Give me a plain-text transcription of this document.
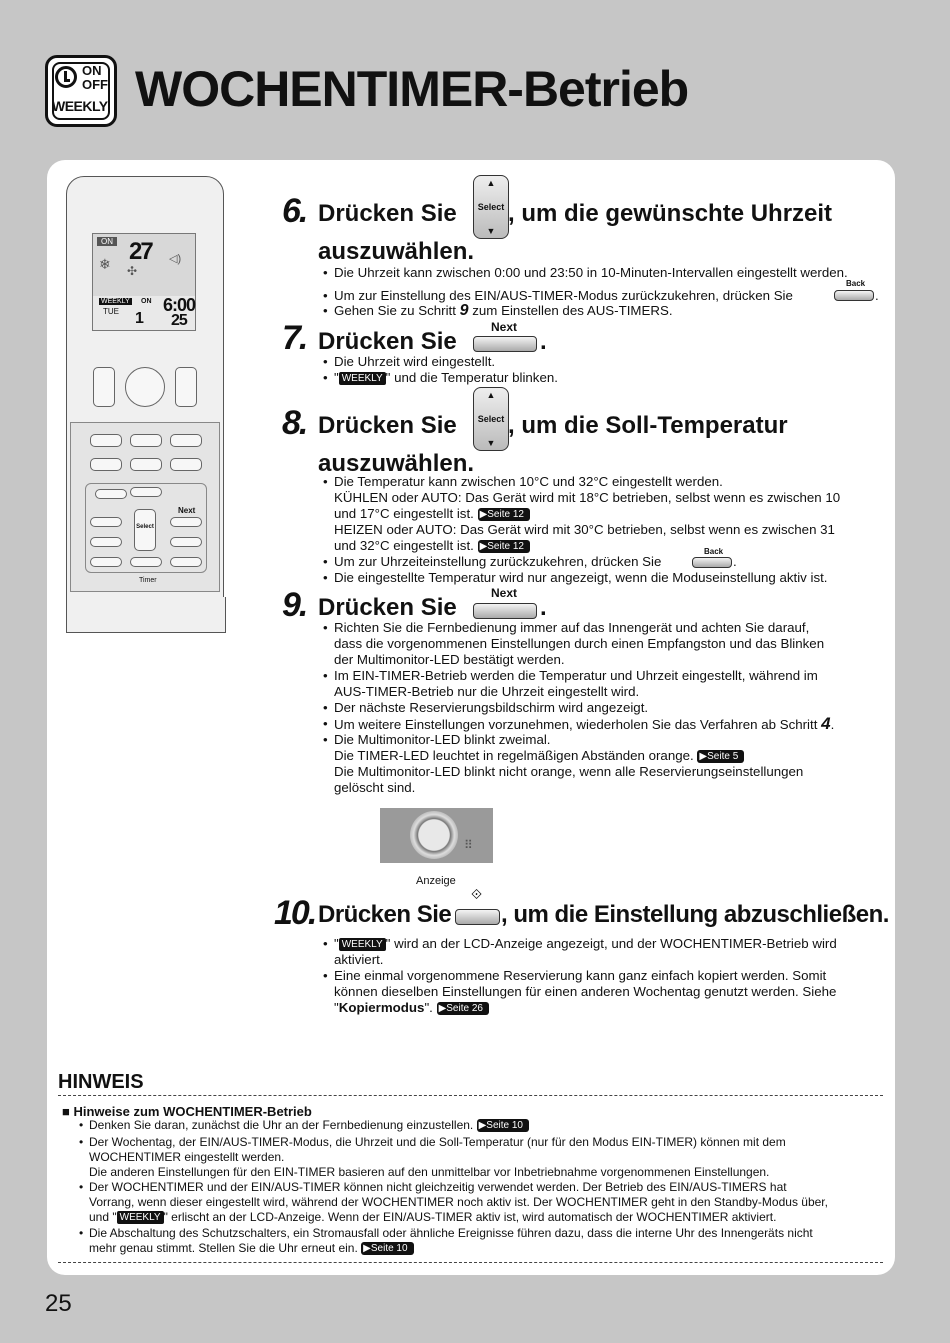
ON
OFF
WEEKLY WOCHENTIMER-Betrieb
ON 27
❄ ✣
◁)
WEEKLY
TUE
ON
1
6:00
25
Next
Select
Timer
6. Drücken Sie
▲
Select
▼
, um die gewünschte Uhrzeit
auszuwählen.
• Die Uhrzeit kann zwischen 0:00 und 23:50 in 10-Minuten-Intervallen eingestellt werden.
Back
• Um zur Einstellung des EIN/AUS-TIMER-Modus zurückzukehren, drücken Sie	.
• Gehen Sie zu Schritt 9 zum Einstellen des AUS-TIMERS.
Next
7. Drücken Sie	.
• Die Uhrzeit wird eingestellt.
• " WEEKLY " und die Temperatur blinken.
8. Drücken Sie
▲
Select
▼
, um die Soll-Temperatur
auszuwählen.
• Die Temperatur kann zwischen 10°C und 32°C eingestellt werden.
KÜHLEN oder AUTO: Das Gerät wird mit 18°C betrieben, selbst wenn es zwischen 10
und 17°C eingestellt ist. ▶Seite 12
HEIZEN oder AUTO: Das Gerät wird mit 30°C betrieben, selbst wenn es zwischen 31
und 32°C eingestellt ist. ▶Seite 12	Back
• Um zur Uhrzeiteinstellung zurückzukehren, drücken Sie	.
• Die eingestellte Temperatur wird nur angezeigt, wenn die Moduseinstellung aktiv ist.
Next
9. Drücken Sie	.
• Richten Sie die Fernbedienung immer auf das Innengerät und achten Sie darauf,
dass die vorgenommenen Einstellungen durch einen Empfangston und das Blinken
der Multimonitor-LED bestätigt werden.
• Im EIN-TIMER-Betrieb werden die Temperatur und Uhrzeit eingestellt, während im
AUS-TIMER-Betrieb nur die Uhrzeit eingestellt wird.
• Der nächste Reservierungsbildschirm wird angezeigt.
• Um weitere Einstellungen vorzunehmen, wiederholen Sie das Verfahren ab Schritt 4.
• Die Multimonitor-LED blinkt zweimal.
Die TIMER-LED leuchtet in regelmäßigen Abständen orange. ▶Seite 5
Die Multimonitor-LED blinkt nicht orange, wenn alle Reservierungseinstellungen
gelöscht sind.
⠿
Anzeige
⟐
10. Drücken Sie , um die Einstellung abzuschließen.
• " WEEKLY " wird an der LCD-Anzeige angezeigt, und der WOCHENTIMER-Betrieb wird
aktiviert.
• Eine einmal vorgenommene Reservierung kann ganz einfach kopiert werden. Somit
können dieselben Einstellungen für einen anderen Wochentag genutzt werden. Siehe
"Kopiermodus". ▶Seite 26
HINWEIS
■ Hinweise zum WOCHENTIMER-Betrieb
• Denken Sie daran, zunächst die Uhr an der Fernbedienung einzustellen. ▶Seite 10
• Der Wochentag, der EIN/AUS-TIMER-Modus, die Uhrzeit und die Soll-Temperatur (nur für den Modus EIN-TIMER) können mit dem
WOCHENTIMER eingestellt werden.
Die anderen Einstellungen für den EIN-TIMER basieren auf den unmittelbar vor Inbetriebnahme vorgenommenen Einstellungen.
• Der WOCHENTIMER und der EIN/AUS-TIMER können nicht gleichzeitig verwendet werden. Der Betrieb des EIN/AUS-TIMERS hat
Vorrang, wenn dieser eingestellt wird, während der WOCHENTIMER noch aktiv ist. Der WOCHENTIMER geht in den Standby-Modus über,
und " WEEKLY " erlischt an der LCD-Anzeige. Wenn der EIN/AUS-TIMER aktiv ist, wird automatisch der WOCHENTIMER aktiviert.
• Die Abschaltung des Schutzschalters, ein Stromausfall oder ähnliche Ereignisse führen dazu, dass die interne Uhr des Innengeräts nicht
mehr genau stimmt. Stellen Sie die Uhr erneut ein. ▶Seite 10
25
